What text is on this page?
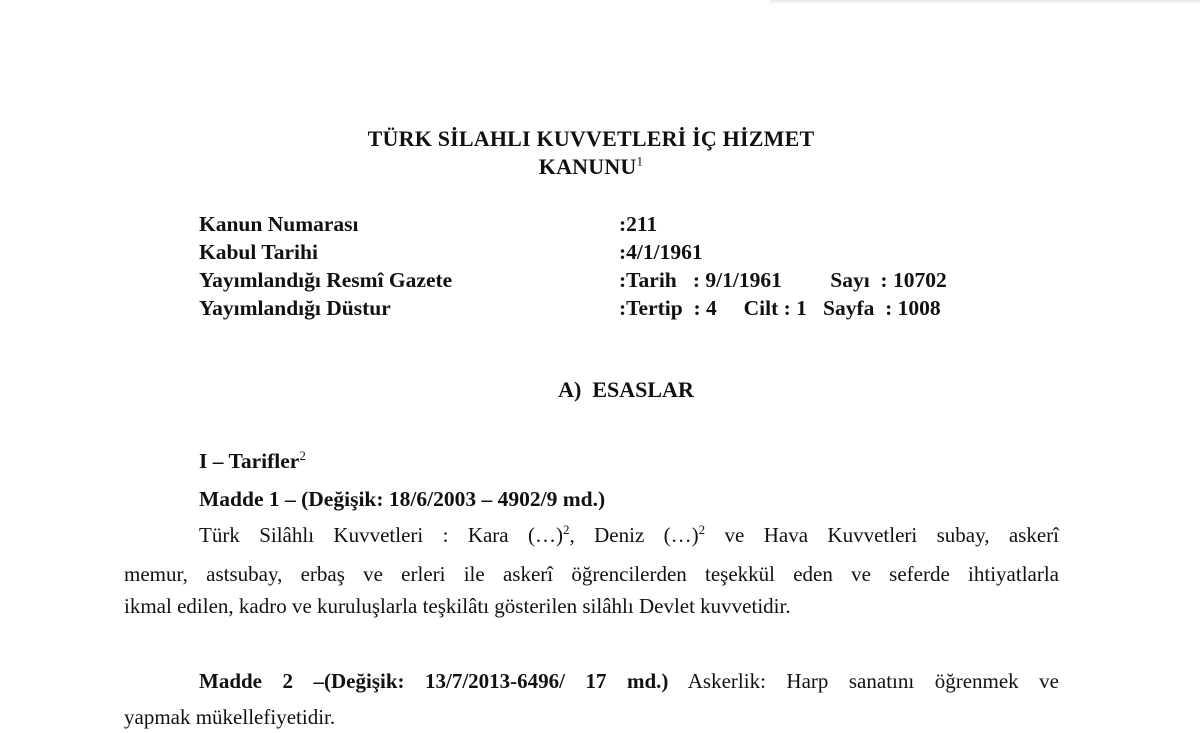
TÜRK SİLAHLI KUVVETLERİ İÇ HİZMET
KANUNU$^1$
Kanun Numarası	:211
Kabul Tarihi	:4/1/1961
Yayımlandığı Resmî Gazete	:Tarih   : 9/1/1961         Sayı  : 10702
Yayımlandığı Düstur	:Tertip  : 4     Cilt : 1   Sayfa  : 1008
A)  ESASLAR
I – Tarifler$^2$
Madde 1 – (Değişik: 18/6/2003 – 4902/9 md.)
Türk Silâhlı Kuvvetleri : Kara (…)$^2$, Deniz (…)$^2$ ve Hava Kuvvetleri subay, askerî
memur, astsubay, erbaş ve erleri ile askerî öğrencilerden teşekkül eden ve seferde ihtiyatlarla
ikmal edilen, kadro ve kuruluşlarla teşkilâtı gösterilen silâhlı Devlet kuvvetidir.
Madde 2 –(Değişik: 13/7/2013-6496/ 17 md.) Askerlik: Harp sanatını öğrenmek ve
yapmak mükellefiyetidir.
